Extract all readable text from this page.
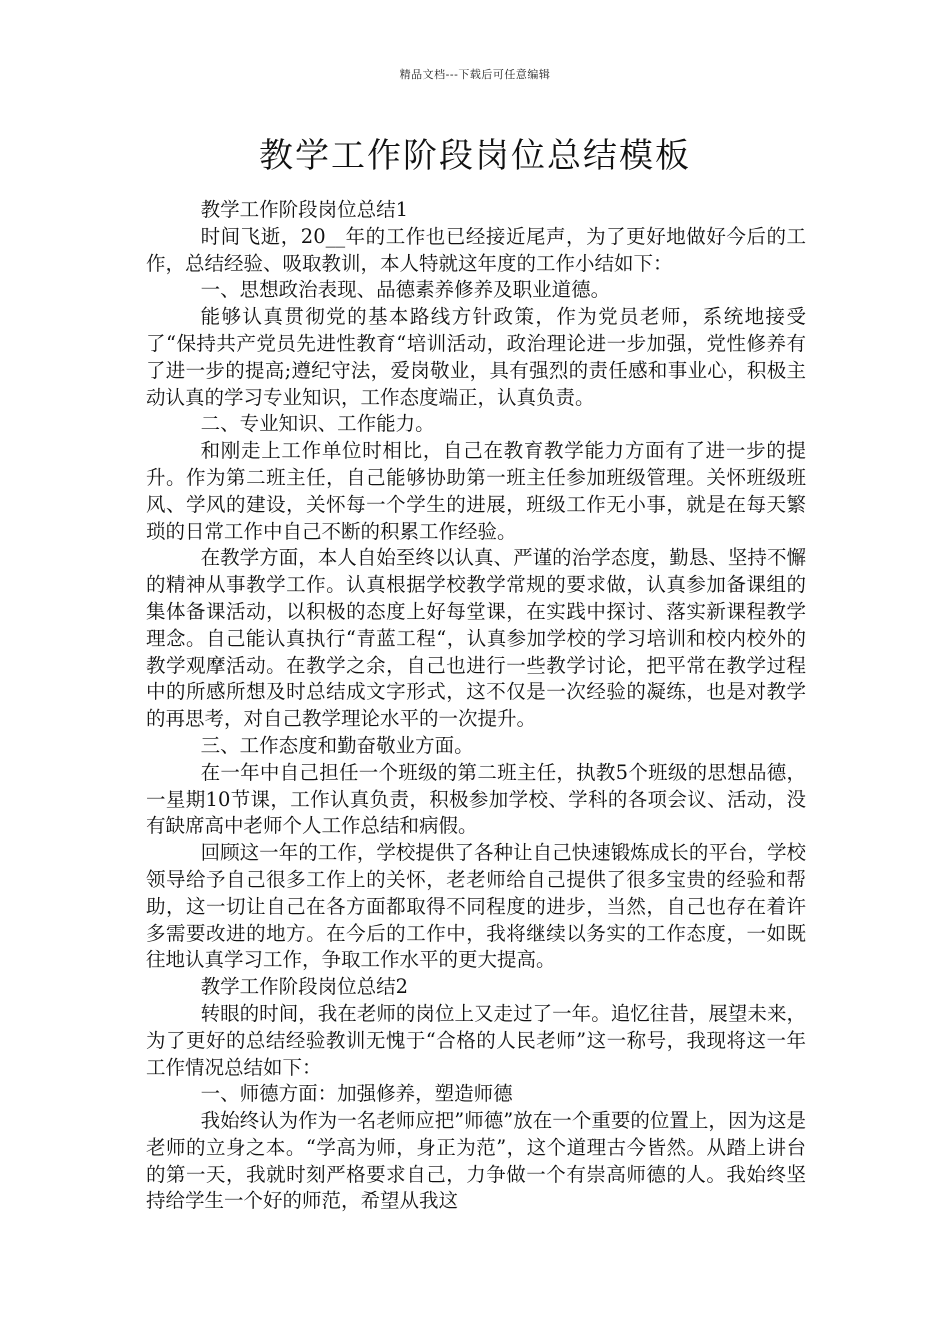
精品文档---下载后可任意编辑
教学工作阶段岗位总结模板

教学工作阶段岗位总结1

时间飞逝，20__年的工作也已经接近尾声，为了更好地做好今后的工作，总结经验、吸取教训，本人特就这年度的工作小结如下：

一、思想政治表现、品德素养修养及职业道德。

能够认真贯彻党的基本路线方针政策，作为党员老师，系统地接受了“保持共产党员先进性教育“培训活动，政治理论进一步加强，党性修养有了进一步的提高;遵纪守法，爱岗敬业，具有强烈的责任感和事业心，积极主动认真的学习专业知识，工作态度端正，认真负责。

二、专业知识、工作能力。

和刚走上工作单位时相比，自己在教育教学能力方面有了进一步的提升。作为第二班主任，自己能够协助第一班主任参加班级管理。关怀班级班风、学风的建设，关怀每一个学生的进展，班级工作无小事，就是在每天繁琐的日常工作中自己不断的积累工作经验。

在教学方面，本人自始至终以认真、严谨的治学态度，勤恳、坚持不懈的精神从事教学工作。认真根据学校教学常规的要求做，认真参加备课组的集体备课活动，以积极的态度上好每堂课，在实践中探讨、落实新课程教学理念。自己能认真执行“青蓝工程“，认真参加学校的学习培训和校内校外的教学观摩活动。在教学之余，自己也进行一些教学讨论，把平常在教学过程中的所感所想及时总结成文字形式，这不仅是一次经验的凝练，也是对教学的再思考，对自己教学理论水平的一次提升。

三、工作态度和勤奋敬业方面。

在一年中自己担任一个班级的第二班主任，执教5个班级的思想品德，一星期10节课，工作认真负责，积极参加学校、学科的各项会议、活动，没有缺席高中老师个人工作总结和病假。

回顾这一年的工作，学校提供了各种让自己快速锻炼成长的平台，学校领导给予自己很多工作上的关怀，老老师给自己提供了很多宝贵的经验和帮助，这一切让自己在各方面都取得不同程度的进步，当然，自己也存在着许多需要改进的地方。在今后的工作中，我将继续以务实的工作态度，一如既往地认真学习工作，争取工作水平的更大提高。

教学工作阶段岗位总结2

转眼的时间，我在老师的岗位上又走过了一年。追忆往昔，展望未来，为了更好的总结经验教训无愧于“合格的人民老师”这一称号，我现将这一年工作情况总结如下：

一、师德方面：加强修养，塑造师德

我始终认为作为一名老师应把”师德”放在一个重要的位置上，因为这是老师的立身之本。“学高为师，身正为范”，这个道理古今皆然。从踏上讲台的第一天，我就时刻严格要求自己，力争做一个有崇高师德的人。我始终坚持给学生一个好的师范，希望从我这
